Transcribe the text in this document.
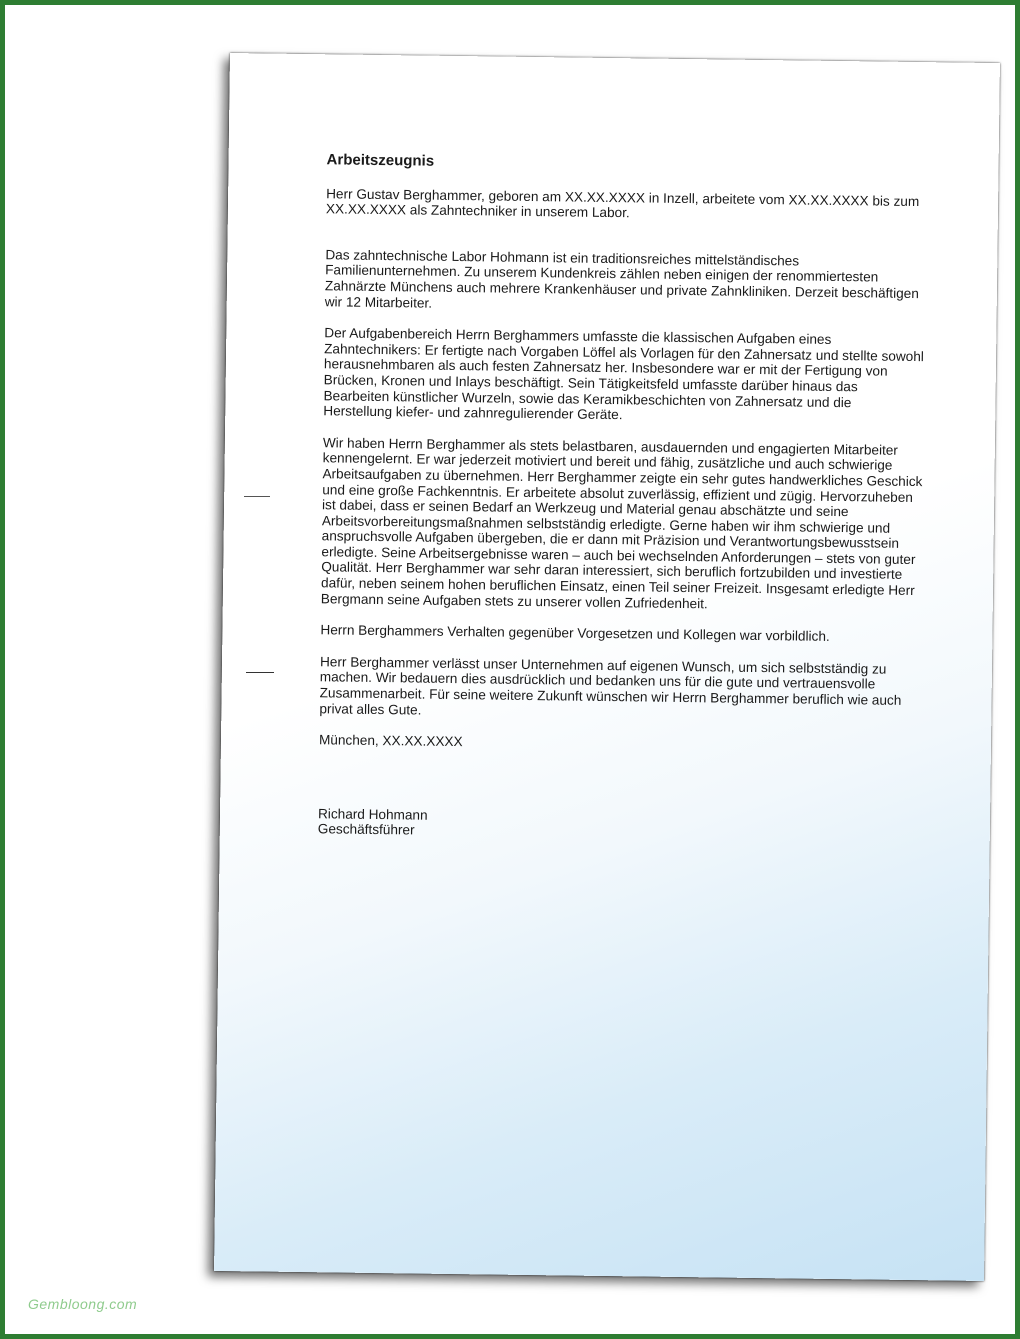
Arbeitszeugnis

Herr Gustav Berghammer, geboren am XX.XX.XXXX in Inzell, arbeitete vom XX.XX.XXXX bis zum XX.XX.XXXX als Zahntechniker in unserem Labor.

Das zahntechnische Labor Hohmann ist ein traditionsreiches mittelständisches Familienunternehmen. Zu unserem Kundenkreis zählen neben einigen der renommiertesten Zahnärzte Münchens auch mehrere Krankenhäuser und private Zahnkliniken. Derzeit beschäftigen wir 12 Mitarbeiter.

Der Aufgabenbereich Herrn Berghammers umfasste die klassischen Aufgaben eines Zahntechnikers: Er fertigte nach Vorgaben Löffel als Vorlagen für den Zahnersatz und stellte sowohl herausnehmbaren als auch festen Zahnersatz her. Insbesondere war er mit der Fertigung von Brücken, Kronen und Inlays beschäftigt. Sein Tätigkeitsfeld umfasste darüber hinaus das Bearbeiten künstlicher Wurzeln, sowie das Keramikbeschichten von Zahnersatz und die Herstellung kiefer- und zahnregulierender Geräte.

Wir haben Herrn Berghammer als stets belastbaren, ausdauernden und engagierten Mitarbeiter kennengelernt. Er war jederzeit motiviert und bereit und fähig, zusätzliche und auch schwierige Arbeitsaufgaben zu übernehmen. Herr Berghammer zeigte ein sehr gutes handwerkliches Geschick und eine große Fachkenntnis. Er arbeitete absolut zuverlässig, effizient und zügig. Hervorzuheben ist dabei, dass er seinen Bedarf an Werkzeug und Material genau abschätzte und seine Arbeitsvorbereitungsmaßnahmen selbstständig erledigte. Gerne haben wir ihm schwierige und anspruchsvolle Aufgaben übergeben, die er dann mit Präzision und Verantwortungsbewusstsein erledigte. Seine Arbeitsergebnisse waren – auch bei wechselnden Anforderungen – stets von guter Qualität. Herr Berghammer war sehr daran interessiert, sich beruflich fortzubilden und investierte dafür, neben seinem hohen beruflichen Einsatz, einen Teil seiner Freizeit. Insgesamt erledigte Herr Bergmann seine Aufgaben stets zu unserer vollen Zufriedenheit.

Herrn Berghammers Verhalten gegenüber Vorgesetzen und Kollegen war vorbildlich.

Herr Berghammer verlässt unser Unternehmen auf eigenen Wunsch, um sich selbstständig zu machen. Wir bedauern dies ausdrücklich und bedanken uns für die gute und vertrauensvolle Zusammenarbeit. Für seine weitere Zukunft wünschen wir Herrn Berghammer beruflich wie auch privat alles Gute.

München, XX.XX.XXXX

Richard Hohmann
Geschäftsführer
Gembloong.com
